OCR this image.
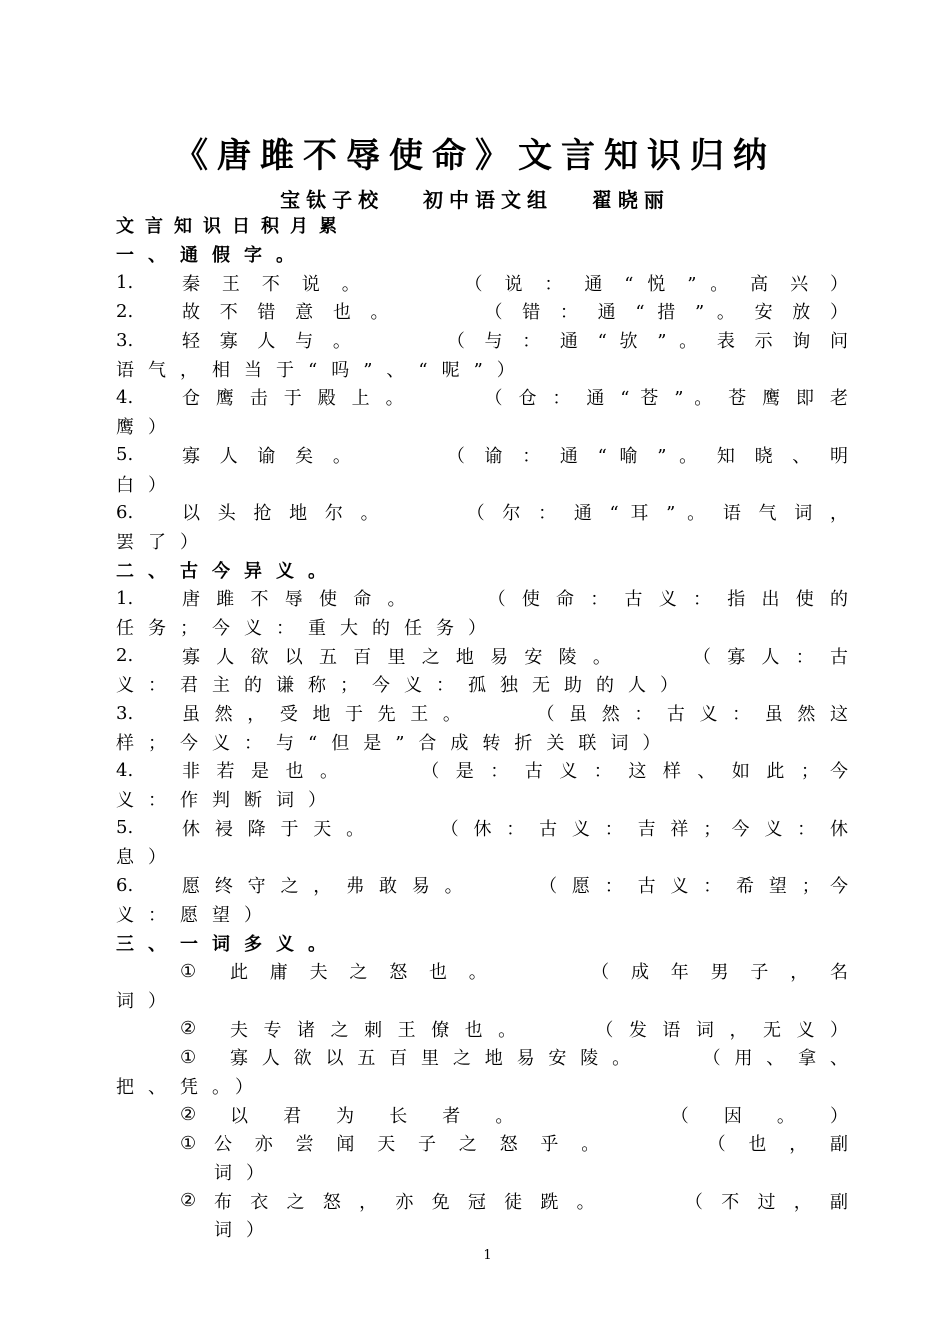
《唐雎不辱使命》文言知识归纳
宝钛子校   初中语文组   翟晓丽
文言知识日积月累
一、通假字。
1.	秦 王 不 说 。       （ 说 ： 通 “ 悦 ” 。 高 兴 ）
2.	故 不 错 意 也 。       （ 错 ： 通 “ 措 ” 。 安 放 ）
3.	轻 寡 人 与 。       （ 与 ： 通 “ 欤 ” 。 表 示 询 问
语气，相当于“吗”、“呢”）
4.	仓 鹰 击 于 殿 上 。       （ 仓 ： 通 “ 苍 ” 。 苍 鹰 即 老
鹰）
5.	寡 人 谕 矣 。       （ 谕 ： 通 “ 喻 ” 。 知 晓 、 明
白）
6.	以 头 抢 地 尔 。       （ 尔 ： 通 “ 耳 ” 。 语 气 词 ，
罢了）
二、古今异义。
1.	唐 雎 不 辱 使 命 。       （ 使 命 ： 古 义 ： 指 出 使 的
任务；今义：重大的任务）
2.	寡 人 欲 以 五 百 里 之 地 易 安 陵 。       （ 寡 人 ： 古
义：君主的谦称；今义：孤独无助的人）
3.	虽 然 ， 受 地 于 先 王 。       （ 虽 然 ： 古 义 ： 虽 然 这
样；今义：与“但是”合成转折关联词）
4.	非 若 是 也 。       （ 是 ： 古 义 ： 这 样 、 如 此 ； 今
义：作判断词）
5.	休 祲 降 于 天 。       （ 休 ： 古 义 ： 吉 祥 ； 今 义 ： 休
息）
6.	愿 终 守 之 ， 弗 敢 易 。       （ 愿 ： 古 义 ： 希 望 ； 今
义：愿望）
三、一词多义。
①	此 庸 夫 之 怒 也 。       （ 成 年 男 子 ， 名
词）
②	夫 专 诸 之 刺 王 僚 也 。       （ 发 语 词 ， 无 义 ）
①	寡 人 欲 以 五 百 里 之 地 易 安 陵 。       （ 用 、 拿 、
把、凭。）
②	以 君 为 长 者 。       （ 因 。 ）
① 公 亦 尝 闻 天 子 之 怒 乎 。       （ 也 ， 副
词）
② 布 衣 之 怒 ， 亦 免 冠 徒 跣 。       （ 不 过 ， 副
词）
1
